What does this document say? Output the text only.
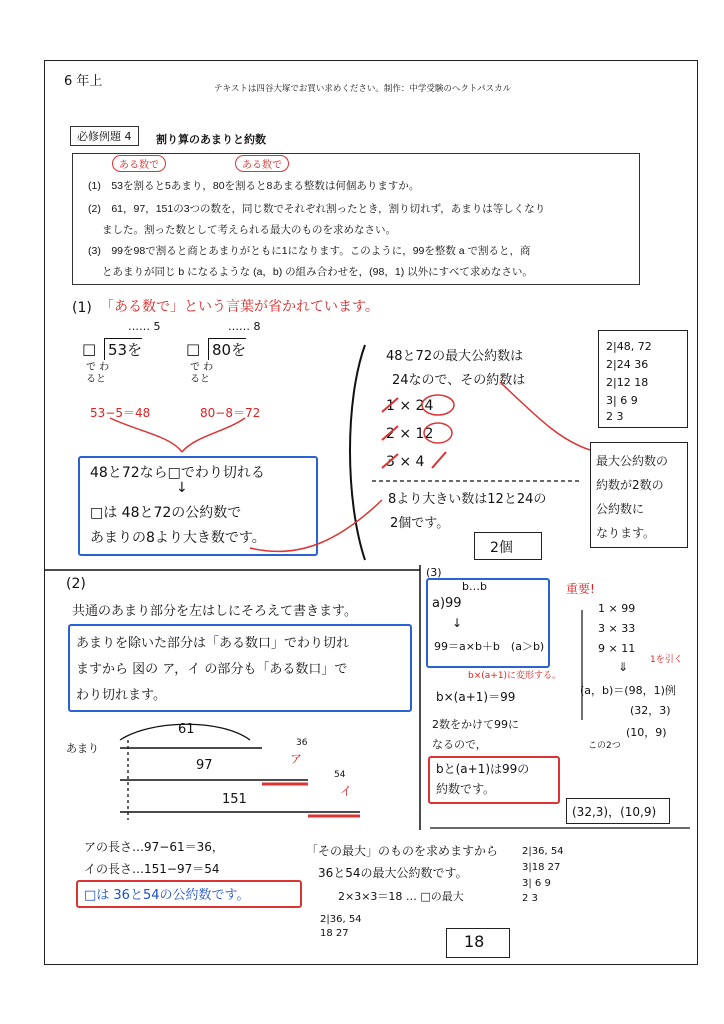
6 年上	テキストは四谷大塚でお買い求めください。制作：中学受験のヘクトパスカル
必修例題 4	割り算のあまりと約数
ある数で	ある数で
(1)　53を割ると5あまり，80を割ると8あまる整数は何個ありますか。
(2)　61，97，151の3つの数を，同じ数でそれぞれ割ったとき，割り切れず，あまりは等しくなり
ました。割った数として考えられる最大のものを求めなさい。
(3)　99を98で割ると商とあまりがともに1になります。このように，99を整数 a で割ると，商
とあまりが同じ b になるような (a，b) の組み合わせを，(98，1) 以外にすべて求めなさい。
(1) 「ある数で」という言葉が省かれています。
…… 5
□ 53を
で わると
…… 8
□ 80を
で わると
53−5＝48	80−8＝72
48と72なら□でわり切れる
↓
□は 48と72の公約数で
あまりの8より大き数です。
48と72の最大公約数は
24なので、その約数は
1 × 24
2 × 12
3 × 4
8より大きい数は12と24の
2個です。
2個
2|48, 72
2|24 36
2|12 18
3| 6 9
2 3
最大公約数の
約数が2数の
公約数に
なります。
(2)
共通のあまり部分を左はしにそろえて書きます。
あまりを除いた部分は「ある数口」でわり切れ
ますから 図の ア，イ の部分も「ある数口」で
わり切れます。
61
97
151
あまり
ア
イ
36
54
アの長さ…97−61＝36，
イの長さ…151−97＝54
□は 36と54の公約数です。
「その最大」のものを求めますから
36と54の最大公約数です。
2×3×3＝18 … □の最大
2|36, 54
18 27
2|36, 54
3|18 27
3| 6 9
2 3
18
(3)
b…b
a)99
↓
99＝a×b＋b　(a＞b)
重要!
b×(a+1)に変形する。
b×(a+1)＝99
2数をかけて99に
なるので，
bと(a+1)は99の
約数です。
1 × 99
3 × 33
9 × 11
⇓ 1を引く
(a，b)＝(98，1)例
(32，3)
(10，9)
この2つ
(32,3)，(10,9)
